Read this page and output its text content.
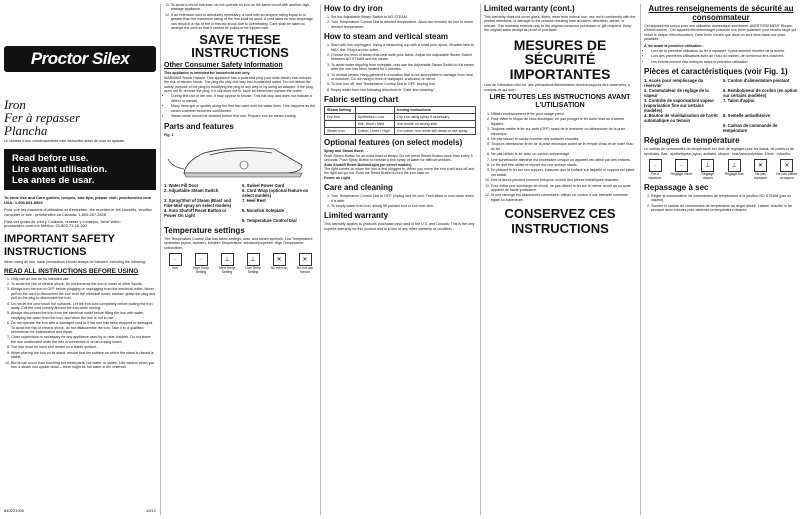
Proctor Silex
Iron
Fer à repasser
Plancha
Le chinese a leur cuisdeuscmente este instructive antes de usar su aparato.
Read before use.
Lire avant utilisation.
Lea antes de usar.
To view Use and Care guides, recipes, and tips, please visit: proctorsilex.com USA: 1.800.851.8900
Pour voir les manuels d'utilisation et d'entretien, les recettes et les conseils, veuillez consulter le site : proctorsilex.ca Canada: 1.800.267.2826
Para ver guías de Uso y Cuidado, recetas y consejos, favor visite: proctorsilex.com.mx México: 01.800.71.16.100
IMPORTANT SAFETY INSTRUCTIONS
When using an iron, basic precautions should always be followed, including the following:
READ ALL INSTRUCTIONS BEFORE USING
1. Only use an iron for its intended use.
2. To avoid the risk of electric shock, do not immerse the iron in water or other liquids.
3. Always turn the iron to OFF before plugging or unplugging from the electrical outlet. Never pull on the cord to disconnect the iron from the electrical outlet; instead, grasp the plug and pull on the plug to disconnect the iron.
4. Do not let the cord touch hot surfaces. Let the iron cool completely before putting the iron away. Coil the cord loosely around the iron when storing.
5. Always disconnect the iron from the electrical outlet before filling the iron with water, emptying the water from the iron, and when the iron is not in use.
6. Do not operate the iron with a damaged cord or if the iron has been dropped or damaged. To avoid the risk of electric shock, do not disassemble the iron. Take it to a qualified serviceman for examination and repair.
7. Close supervision is necessary for any appliance used by or near children. Do not leave the iron unattended while the iron is connected or on an ironing board.
8. The iron must be used and rested on a stable surface.
9. When placing the iron on its stand, ensure that the surface on which the stand is placed is stable.
10. Burns can occur from touching hot metal parts, hot water, or steam. Use caution when you turn a steam iron upside down—there might be hot water in the reservoir.
840221900	10/12
11. To avoid a circuit overload, do not operate an iron on the same circuit with another high-wattage appliance.
12. If an extension cord is absolutely necessary, a cord with an ampere rating equal to or greater than the maximum rating of the iron shall be used. A cord rated for less amperage can result in a risk of fire or electric shock due to overheating. Care shall be taken to arrange the cord so that it cannot be pulled or be tripped over.
SAVE THESE INSTRUCTIONS
Other Consumer Safety Information
This appliance is intended for household use only.
WARNING Shock Hazard: This appliance has a polarized plug (one wide blade) that reduces the risk of electric shock. The plug fits only one way into a polarized outlet. Do not defeat the safety purpose of the plug by modifying the plug in any way or by using an adapter. If the plug does not fit, reverse the plug. If it still does not fit, have an electrician replace the outlet.
• During first use of the iron, it may appear to smoke. This will stop and does not indicate a defect or hazard.
• Many irons spit or sputter along the first few uses until the water lines. This happens as the steam chamber becomes conditioned.
• Steam vents should be cleaned before first use. Prepare iron for steam ironing.
Parts and features
Fig. 1
1. Water Fill Door	5. Swivel Power Cord
2. Adjustable Steam Switch	6. Cord Wrap (optional feature on select models)
3. Spray/Shot of Steam (Blast and Fine-Mist spray on select models)
7. Heel Rest
4. Auto Shutoff Reset Button or Power On Light
8. Nonstick Soleplate
9. Temperature Control Dial
Temperature settings
The Temperature Control Dial has fabric settings, dots, and steam symbols. Low Temperature: synthetics (nylon, acetate). Medium Temperature: silk/wool/polyester. High Temperature: cotton/linen.
·
Iron
··
High Temp Setting
⊥
Med Temp Setting
⊥
Low Temp Setting
✕
Do not Iron
✕
Do not use steam
How to dry iron
1. Set the Adjustable Steam Switch to NO STEAM.
2. Turn Temperature Control Dial to desired temperature. Allow two minutes for iron to reach desired temperature.
How to steam and vertical steam
1. Start with iron unplugged. Using a measuring cup with a small pour spout, fill water tank to MAX line. Plug iron into outlet.
2. Choose the level of steam that best suits your fabric. Adjust the Adjustable Steam Switch between NO STEAM and full steam.
3. To avoid water dripping from soleplate, only use the Adjustable Steam Switch to full steam after the iron has been heated for 2 minutes.
4. To vertical steam: Hang garment in a location that is not susceptible to damage from heat or moisture. Do not hang in front of wallpaper, a window, or mirror.
5. To turn iron off, turn Temperature Control Dial to OFF. Unplug iron.
6. Empty water from iron following directions in "Care and cleaning."
Fabric setting chart
Steam Setting		Ironing Instructions
Dry Iron	Synthetics • Low	Dry iron using spray if necessary.
	Silk, Wool • Med	Iron inside on wrong side.
Steam Iron	Cotton, Linen • High	For cotton, iron while still damp or use spray.
Optional features (on select models)
Spray and Steam Burst
Push Steam Button for an extra blast of steam. Do not press Steam Button more than every 5 seconds. Push Spray Button to release a fine spray of water for difficult wrinkles.
Auto Shutoff Reset Button/Light (on select models)
The light comes on when the iron is first plugged in. When you move the iron it will shut off and the light will go out. Push the Reset Button to turn the iron back on.
Power on Light
Care and cleaning
1. Turn Temperature Control Dial to OFF. Unplug and let cool. Then allow to cool down when it is able.
2. To empty water from iron, slowly tilt pointed end of iron over sink.
Limited warranty
This warranty applies to products purchased and used in the U.S. and Canada. This is the only express warranty for this product and is in lieu of any other warranty or condition.
Limited warranty (cont.)
This warranty does not cover glass, filters, wear from normal use, use not in conformity with the printed directions, or damage to the product resulting from accident, alteration, abuse, or misuse. This warranty extends only to the original consumer purchaser or gift recipient. Keep the original sales receipt as proof of purchase.
MESURES DE SÉCURITÉ IMPORTANTES
Lors de l'utilisation d'un fer, des précautions élémentaires doivent toujours être observées, y compris ce qui suit :
LIRE TOUTES LES INSTRUCTIONS AVANT L'UTILISATION
1. Utiliser exclusivement le fer pour usage prévu.
2. Pour éviter le risque de choc électrique, ne pas plonger le fer dans l'eau ou d'autres liquides.
3. Toujours mettre le fer sur arrêt (OFF) avant de le brancher ou débrancher de la prise électrique.
4. Ne pas laisser le cordon toucher des surfaces chaudes.
5. Toujours débrancher le fer de la prise électrique avant de le remplir d'eau et de vider l'eau du fer.
6. Ne pas utiliser le fer avec un cordon endommagé.
7. Une surveillance attentive est nécessaire lorsque un appareil est utilisé par des enfants.
8. Le fer doit être utilisé et reposé sur une surface stable.
9. En plaçant le fer sur son support, s'assurer que la surface sur laquelle le support est placé est stable.
10. Des brûlures peuvent survenir lorsqu'on touche des pièces métalliques chaudes.
11. Pour éviter une surcharge de circuit, ne pas utiliser le fer sur le même circuit qu'un autre appareil de haute puissance.
12. Si une rallonge est absolument nécessaire, utiliser un cordon d'une intensité nominale égale ou supérieure.
CONSERVEZ CES INSTRUCTIONS
Autres renseignements de sécurité au consommateur
Cet appareil est conçu pour une utilisation domestique seulement. AVERTISSEMENT Risque d'électrocution : Cet appareil électroménager possède une fiche polarisée (une broche large qui réduit le risque d'électrocution). Cette fiche n'entre que dans un seul sens dans une prise polarisée.
À lire avant la première utilisation :
• Lors de la première utilisation du fer à repasser, il peut sembler émettre de la fumée.
• Lors des premières utilisations avec de l'eau du robinet, de nombreux fers crachent.
• Les évents doivent être nettoyés avant la première utilisation.
Pièces et caractéristiques (voir Fig. 1)
1. Accès pour remplissage du réservoir
5. Cordon d'alimentation pivotant
2. Commutateur de réglage de la vapeur
6. Rembobineur de cordon (en option sur certains modèles)
3. Contrôle de vaporisation/ vapeur (vaporisation fine sur certains modèles)
7. Talon d'appui
4. Bouton de réinitialisation de l'arrêt automatique ou témoin
8. Semelle antiadhésive
9. Cadran de commande de température
Réglages de température
Le cadran de commandes de température est doté de réglages pour les tissus, de points et de symboles. Bas : synthétiques (nylon, acétate). Moyen : soie/laine/polyester. Élevé : coton/lin.
·
Fer à repasser
··
Réglage élevé
⊥
Réglage moyen
⊥
Réglage bas
✕
Ne pas repasser
✕
Ne pas utiliser la vapeur
Repassage à sec
1. Régler le commutateur de commandes de température à la position NO STEAM (pas de vapeur).
2. Tourner le cadran de commandes de température au degré désiré. Laisser chauffer le fer pendant deux minutes pour atteindre la température désirée.
